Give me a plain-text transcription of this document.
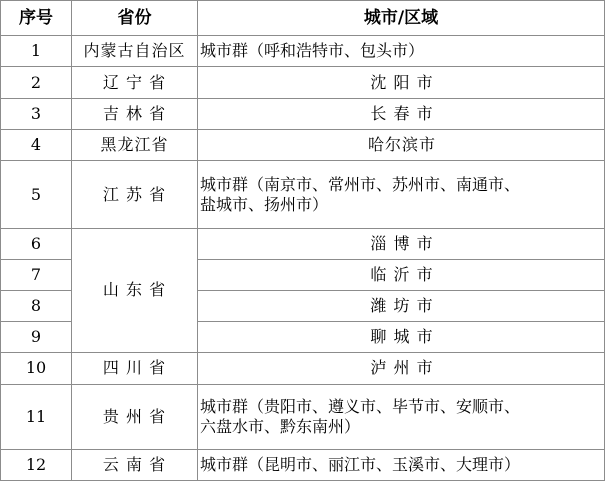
序号	省份	城市/区域
1	内蒙古自治区	城市群（呼和浩特市、包头市）
2	辽 宁 省	沈 阳 市
3	吉 林 省	长 春 市
4	黑龙江省	哈尔滨市
5	江 苏 省	城市群（南京市、常州市、苏州市、南通市、
盐城市、扬州市）

6	山 东 省	淄 博 市
7		临 沂 市
8		潍 坊 市
9		聊 城 市
10	四 川 省	泸 州 市
11	贵 州 省	城市群（贵阳市、遵义市、毕节市、安顺市、
六盘水市、黔东南州）

12	云 南 省	城市群（昆明市、丽江市、玉溪市、大理市）
